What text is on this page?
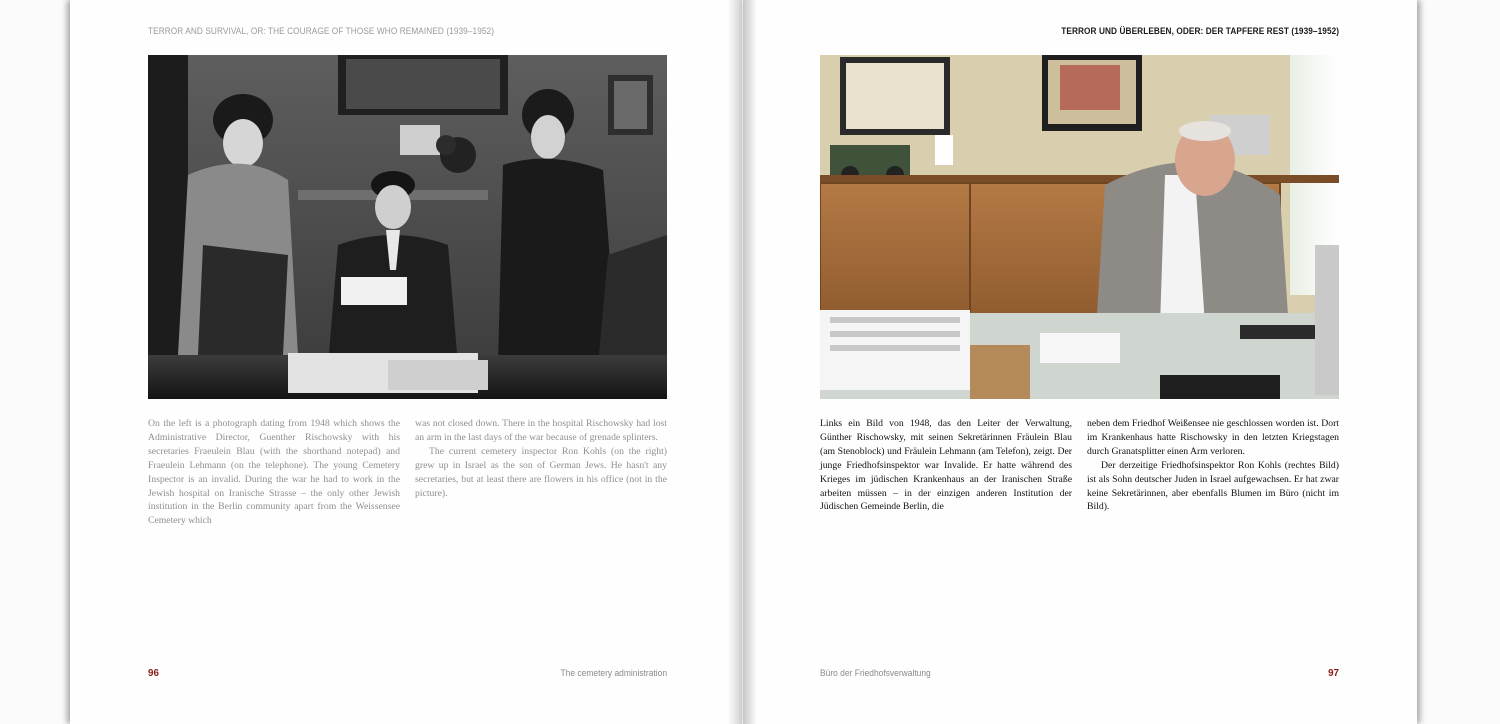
TERROR AND SURVIVAL, OR: THE COURAGE OF THOSE WHO REMAINED (1939–1952)

On the left is a photograph dating from 1948 which shows the Administrative Director, Guenther Rischowsky with his secretaries Fraeulein Blau (with the shorthand notepad) and Fraeulein Lehmann (on the telephone). The young Cemetery Inspector is an invalid. During the war he had to work in the Jewish hospital on Iranische Strasse – the only other Jewish institution in the Berlin community apart from the Weissensee Cemetery which

was not closed down. There in the hospital Rischowsky had lost an arm in the last days of the war because of grenade splinters.

The current cemetery inspector Ron Kohls (on the right) grew up in Israel as the son of German Jews. He hasn't any secretaries, but at least there are flowers in his office (not in the picture).

96	The cemetery administration
TERROR UND ÜBERLEBEN, ODER: DER TAPFERE REST (1939–1952)

Links ein Bild von 1948, das den Leiter der Verwaltung, Günther Rischowsky, mit seinen Sekretärinnen Fräulein Blau (am Stenoblock) und Fräulein Lehmann (am Telefon), zeigt. Der junge Friedhofsinspektor war Invalide. Er hatte während des Krieges im jüdischen Krankenhaus an der Iranischen Straße arbeiten müssen – in der einzigen anderen Institution der Jüdischen Gemeinde Berlin, die

neben dem Friedhof Weißensee nie geschlossen worden ist. Dort im Krankenhaus hatte Rischowsky in den letzten Kriegstagen durch Granatsplitter einen Arm verloren.

Der derzeitige Friedhofsinspektor Ron Kohls (rechtes Bild) ist als Sohn deutscher Juden in Israel aufgewachsen. Er hat zwar keine Sekretärinnen, aber ebenfalls Blumen im Büro (nicht im Bild).

Büro der Friedhofsverwaltung	97
